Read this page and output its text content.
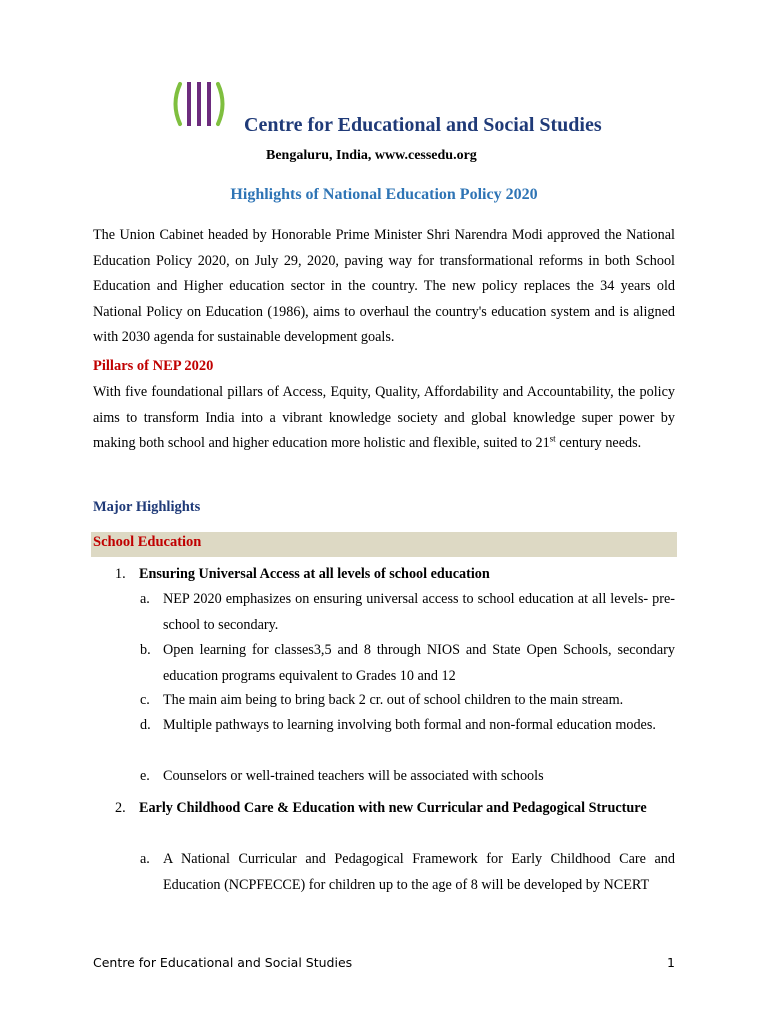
Centre for Educational and Social Studies
Bengaluru, India, www.cessedu.org
Highlights of National Education Policy 2020
The Union Cabinet headed by Honorable Prime Minister Shri Narendra Modi approved the National Education Policy 2020, on July 29, 2020, paving way for transformational reforms in both School Education and Higher education sector in the country. The new policy replaces the 34 years old National Policy on Education (1986), aims to overhaul the country's education system and is aligned with 2030 agenda for sustainable development goals.
Pillars of NEP 2020
With five foundational pillars of Access, Equity, Quality, Affordability and Accountability, the policy aims to transform India into a vibrant knowledge society and global knowledge super power by making both school and higher education more holistic and flexible, suited to 21st century needs.
Major Highlights
School Education
1. Ensuring Universal Access at all levels of school education
a. NEP 2020 emphasizes on ensuring universal access to school education at all levels- pre-school to secondary.
b. Open learning for classes3,5 and 8 through NIOS and State Open Schools, secondary education programs equivalent to Grades 10 and 12
c. The main aim being to bring back 2 cr. out of school children to the main stream.
d. Multiple pathways to learning involving both formal and non-formal education modes.
e. Counselors or well-trained teachers will be associated with schools
2. Early Childhood Care & Education with new Curricular and Pedagogical Structure
a. A National Curricular and Pedagogical Framework for Early Childhood Care and Education (NCPFECCE) for children up to the age of 8 will be developed by NCERT
Centre for Educational and Social Studies	1
